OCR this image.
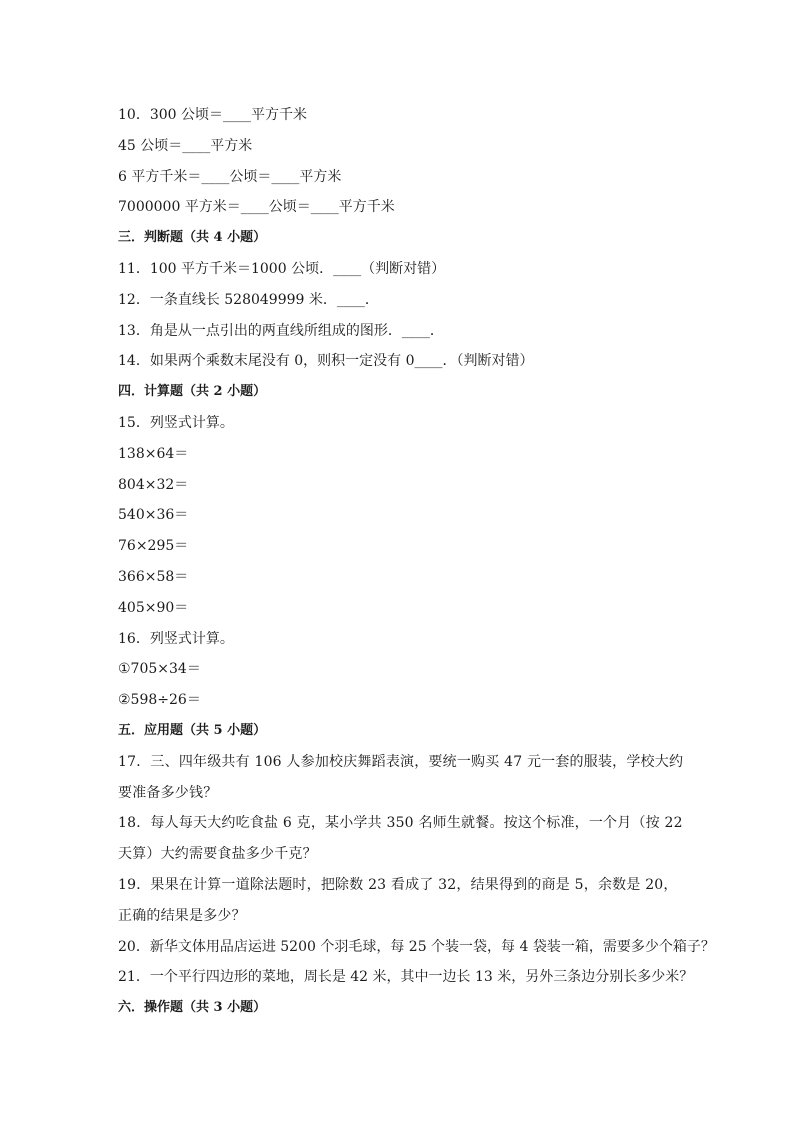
10．300 公顷＝____平方千米
45 公顷＝____平方米
6 平方千米＝____公顷＝____平方米
7000000 平方米＝____公顷＝____平方千米
三．判断题（共 4 小题）
11．100 平方千米＝1000 公顷．____（判断对错）
12．一条直线长 528049999 米．____．
13．角是从一点引出的两直线所组成的图形．____．
14．如果两个乘数末尾没有 0，则积一定没有 0____．（判断对错）
四．计算题（共 2 小题）
15．列竖式计算。
138×64＝
804×32＝
540×36＝
76×295＝
366×58＝
405×90＝
16．列竖式计算。
①705×34＝
②598÷26＝
五．应用题（共 5 小题）
17．三、四年级共有 106 人参加校庆舞蹈表演，要统一购买 47 元一套的服装，学校大约要准备多少钱？
18．每人每天大约吃食盐 6 克，某小学共 350 名师生就餐。按这个标准，一个月（按 22 天算）大约需要食盐多少千克？
19．果果在计算一道除法题时，把除数 23 看成了 32，结果得到的商是 5，余数是 20，正确的结果是多少？
20．新华文体用品店运进 5200 个羽毛球，每 25 个装一袋，每 4 袋装一箱，需要多少个箱子？
21．一个平行四边形的菜地，周长是 42 米，其中一边长 13 米，另外三条边分别长多少米？
六．操作题（共 3 小题）
